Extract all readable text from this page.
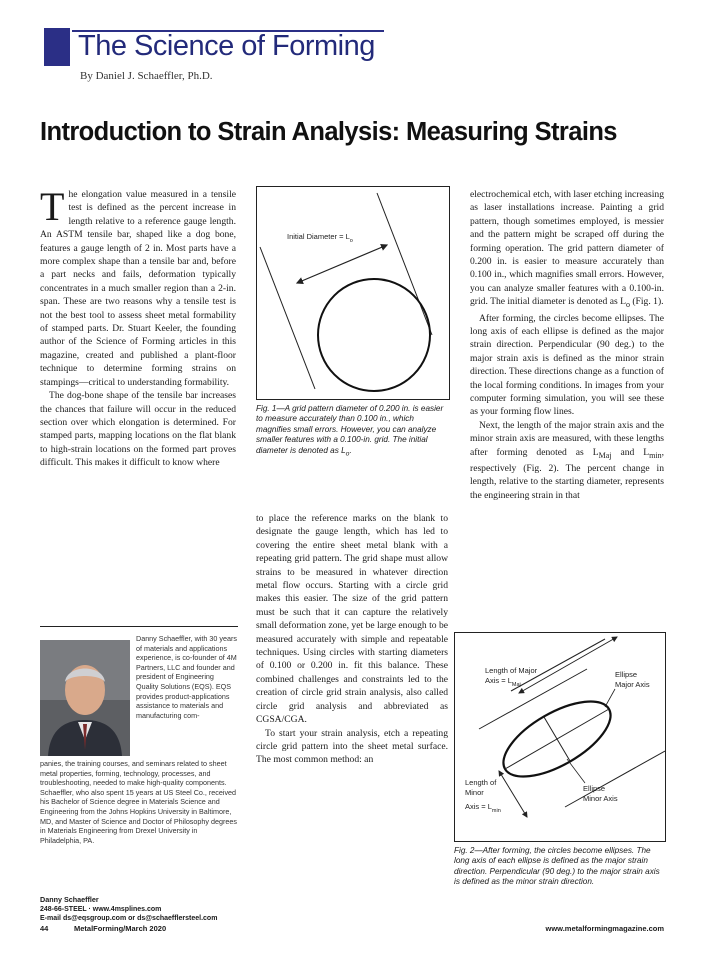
The Science of Forming
By Daniel J. Schaeffler, Ph.D.
Introduction to Strain Analysis: Measuring Strains

The elongation value measured in a tensile test is defined as the percent increase in length relative to a reference gauge length. An ASTM tensile bar, shaped like a dog bone, features a gauge length of 2 in. Most parts have a more complex shape than a tensile bar and, before a part necks and fails, deformation typically concentrates in a much smaller region than a 2-in. span. These are two reasons why a tensile test is not the best tool to assess sheet metal formability of stamped parts. Dr. Stuart Keeler, the founding author of the Science of Forming articles in this magazine, created and published a plant-floor technique to determine forming strains on stampings—critical to understanding formability.

The dog-bone shape of the tensile bar increases the chances that failure will occur in the reduced section over which elongation is determined. For stamped parts, mapping locations on the flat blank to high-strain locations on the formed part proves difficult. This makes it difficult to know where

Initial Diameter = $L_o$
Fig. 1—A grid pattern diameter of 0.200 in. is easier to measure accurately than 0.100 in., which magnifies small errors. However, you can analyze smaller features with a 0.100-in. grid. The initial diameter is denoted as $L_o$.

to place the reference marks on the blank to designate the gauge length, which has led to covering the entire sheet metal blank with a repeating grid pattern. The grid shape must allow strains to be measured in whatever direction metal flow occurs. Starting with a circle grid makes this easier. The size of the grid pattern must be such that it can capture the relatively small deformation zone, yet be large enough to be measured accurately with simple and repeatable techniques. Using circles with starting diameters of 0.100 or 0.200 in. fit this balance. These combined challenges and constraints led to the creation of circle grid strain analysis, also called circle grid analysis and abbreviated as CGSA/CGA.

To start your strain analysis, etch a repeating circle grid pattern into the sheet metal surface. The most common method: an

electrochemical etch, with laser etching increasing as laser installations increase. Painting a grid pattern, though sometimes employed, is messier and the pattern might be scraped off during the forming operation. The grid pattern diameter of 0.200 in. is easier to measure accurately than 0.100 in., which magnifies small errors. However, you can analyze smaller features with a 0.100-in. grid. The initial diameter is denoted as $L_o$ (Fig. 1).

After forming, the circles become ellipses. The long axis of each ellipse is defined as the major strain direction. Perpendicular (90 deg.) to the major strain axis is defined as the minor strain direction. These directions change as a function of the local forming conditions. In images from your computer forming simulation, you will see these as your forming flow lines.

Next, the length of the major strain axis and the minor strain axis are measured, with these lengths after forming denoted as $L_{Maj}$ and $L_{min}$, respectively (Fig. 2). The percent change in length, relative to the starting diameter, represents the engineering strain in that

Length of Major
Axis = $L_{Maj}$
Ellipse
Major Axis
Length of
Minor
Axis = $L_{min}$
Ellipse
Minor Axis
Fig. 2—After forming, the circles become ellipses. The long axis of each ellipse is defined as the major strain direction. Perpendicular (90 deg.) to the major strain axis is defined as the minor strain direction.
Danny Schaeffler, with 30 years of materials and applications experience, is co-founder of 4M Partners, LLC and founder and president of Engineering Quality Solutions (EQS). EQS provides product-applications assistance to materials and manufacturing com-
panies, the training courses, and seminars related to sheet metal properties, forming, technology, processes, and troubleshooting, needed to make high-quality components. Schaeffler, who also spent 15 years at US Steel Co., received his Bachelor of Science degree in Materials Science and Engineering from the Johns Hopkins University in Baltimore, MD, and Master of Science and Doctor of Philosophy degrees in Materials Engineering from Drexel University in Philadelphia, PA.
Danny Schaeffler
248-66-STEEL · www.4msplines.com
E-mail ds@eqsgroup.com or ds@schaefflersteel.com
44	MetalForming/March 2020	www.metalformingmagazine.com
